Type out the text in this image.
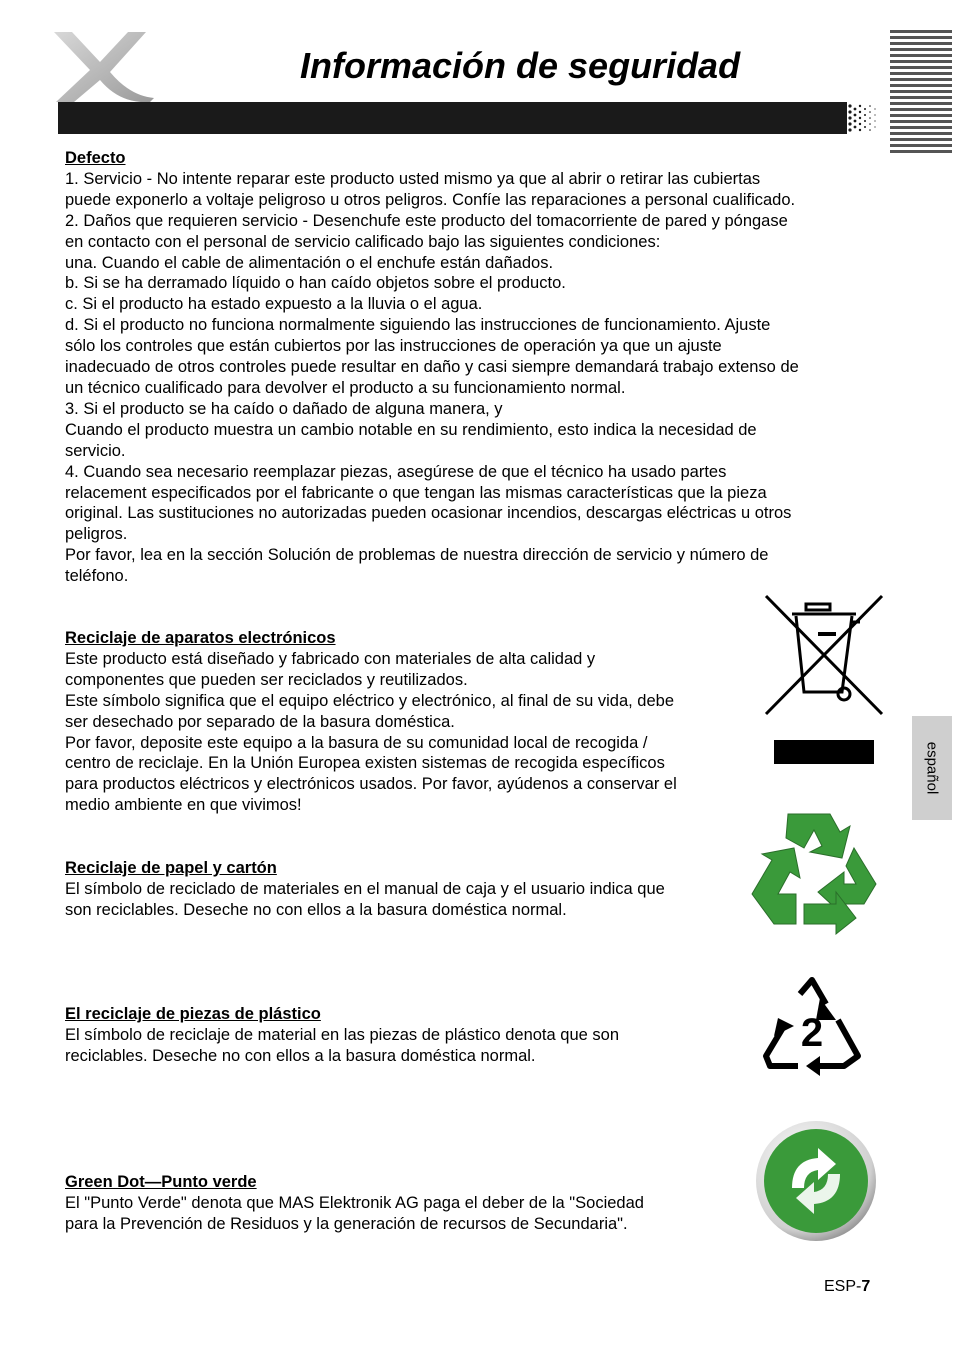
Información de seguridad
español
Defecto
1. Servicio - No intente reparar este producto usted mismo ya que al abrir o retirar las cubiertas
puede exponerlo a voltaje peligroso u otros peligros. Confíe las reparaciones a personal cualificado.
2. Daños que requieren servicio - Desenchufe este producto del tomacorriente de pared y póngase
en contacto con el personal de servicio calificado bajo las siguientes condiciones:
una. Cuando el cable de alimentación o el enchufe están dañados.
b. Si se ha derramado líquido o han caído objetos sobre el producto.
c. Si el producto ha estado expuesto a la lluvia o el agua.
d. Si el producto no funciona normalmente siguiendo las instrucciones de funcionamiento. Ajuste
sólo los controles que están cubiertos por las instrucciones de operación ya que un ajuste
inadecuado de otros controles puede resultar en daño y casi siempre demandará trabajo extenso de
un técnico cualificado para devolver el producto a su funcionamiento normal.
3. Si el producto se ha caído o dañado de alguna manera, y
Cuando el producto muestra un cambio notable en su rendimiento, esto indica la necesidad de
servicio.
4. Cuando sea necesario reemplazar piezas, asegúrese de que el técnico ha usado partes
relacement especificados por el fabricante o que tengan las mismas características que la pieza
original. Las sustituciones no autorizadas pueden ocasionar incendios, descargas eléctricas u otros
peligros.
Por favor, lea en la sección Solución de problemas de nuestra dirección de servicio y número de
teléfono.
Reciclaje de aparatos electrónicos
Este producto está diseñado y fabricado con materiales de alta calidad y
componentes que pueden ser reciclados y reutilizados.
Este símbolo significa que el equipo eléctrico y electrónico, al final de su vida, debe
ser desechado por separado de la basura doméstica.
Por favor, deposite este equipo a la basura de su comunidad local de recogida /
centro de reciclaje. En la Unión Europea existen sistemas de recogida específicos
para productos eléctricos y electrónicos usados. Por favor, ayúdenos a conservar el
medio ambiente en que vivimos!
Reciclaje de papel y cartón
El símbolo de reciclado de materiales en el manual de caja y el usuario indica que
son reciclables. Deseche no con ellos a la basura doméstica normal.
El reciclaje de piezas de plástico
El símbolo de reciclaje de material en las piezas de plástico denota que son
reciclables. Deseche no con ellos a la basura doméstica normal.
Green Dot—Punto verde
El "Punto Verde" denota que MAS Elektronik AG paga el deber de la "Sociedad
para la Prevención de Residuos y la generación de recursos de Secundaria".
2
ESP-7
